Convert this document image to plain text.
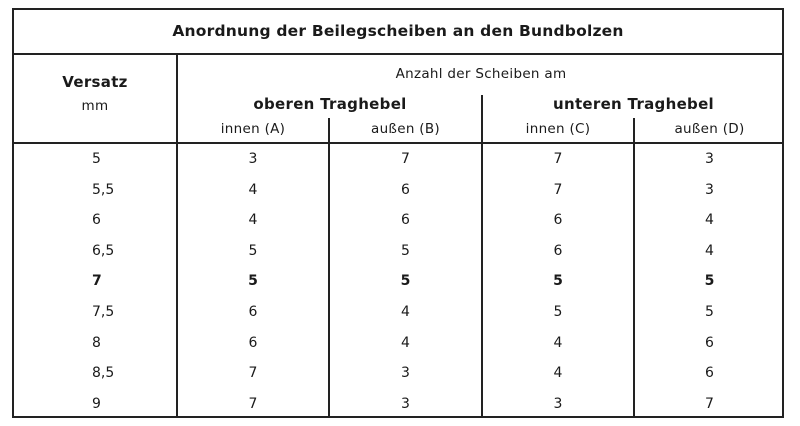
Anordnung der Beilegscheiben an den Bundbolzen
Versatz
mm
Anzahl der Scheiben am
oberen Traghebel	unteren Traghebel
innen (A)	außen (B)	innen (C)	außen (D)
5	3	7	7	3
5,5	4	6	7	3
6	4	6	6	4
6,5	5	5	6	4
7	5	5	5	5
7,5	6	4	5	5
8	6	4	4	6
8,5	7	3	4	6
9	7	3	3	7
